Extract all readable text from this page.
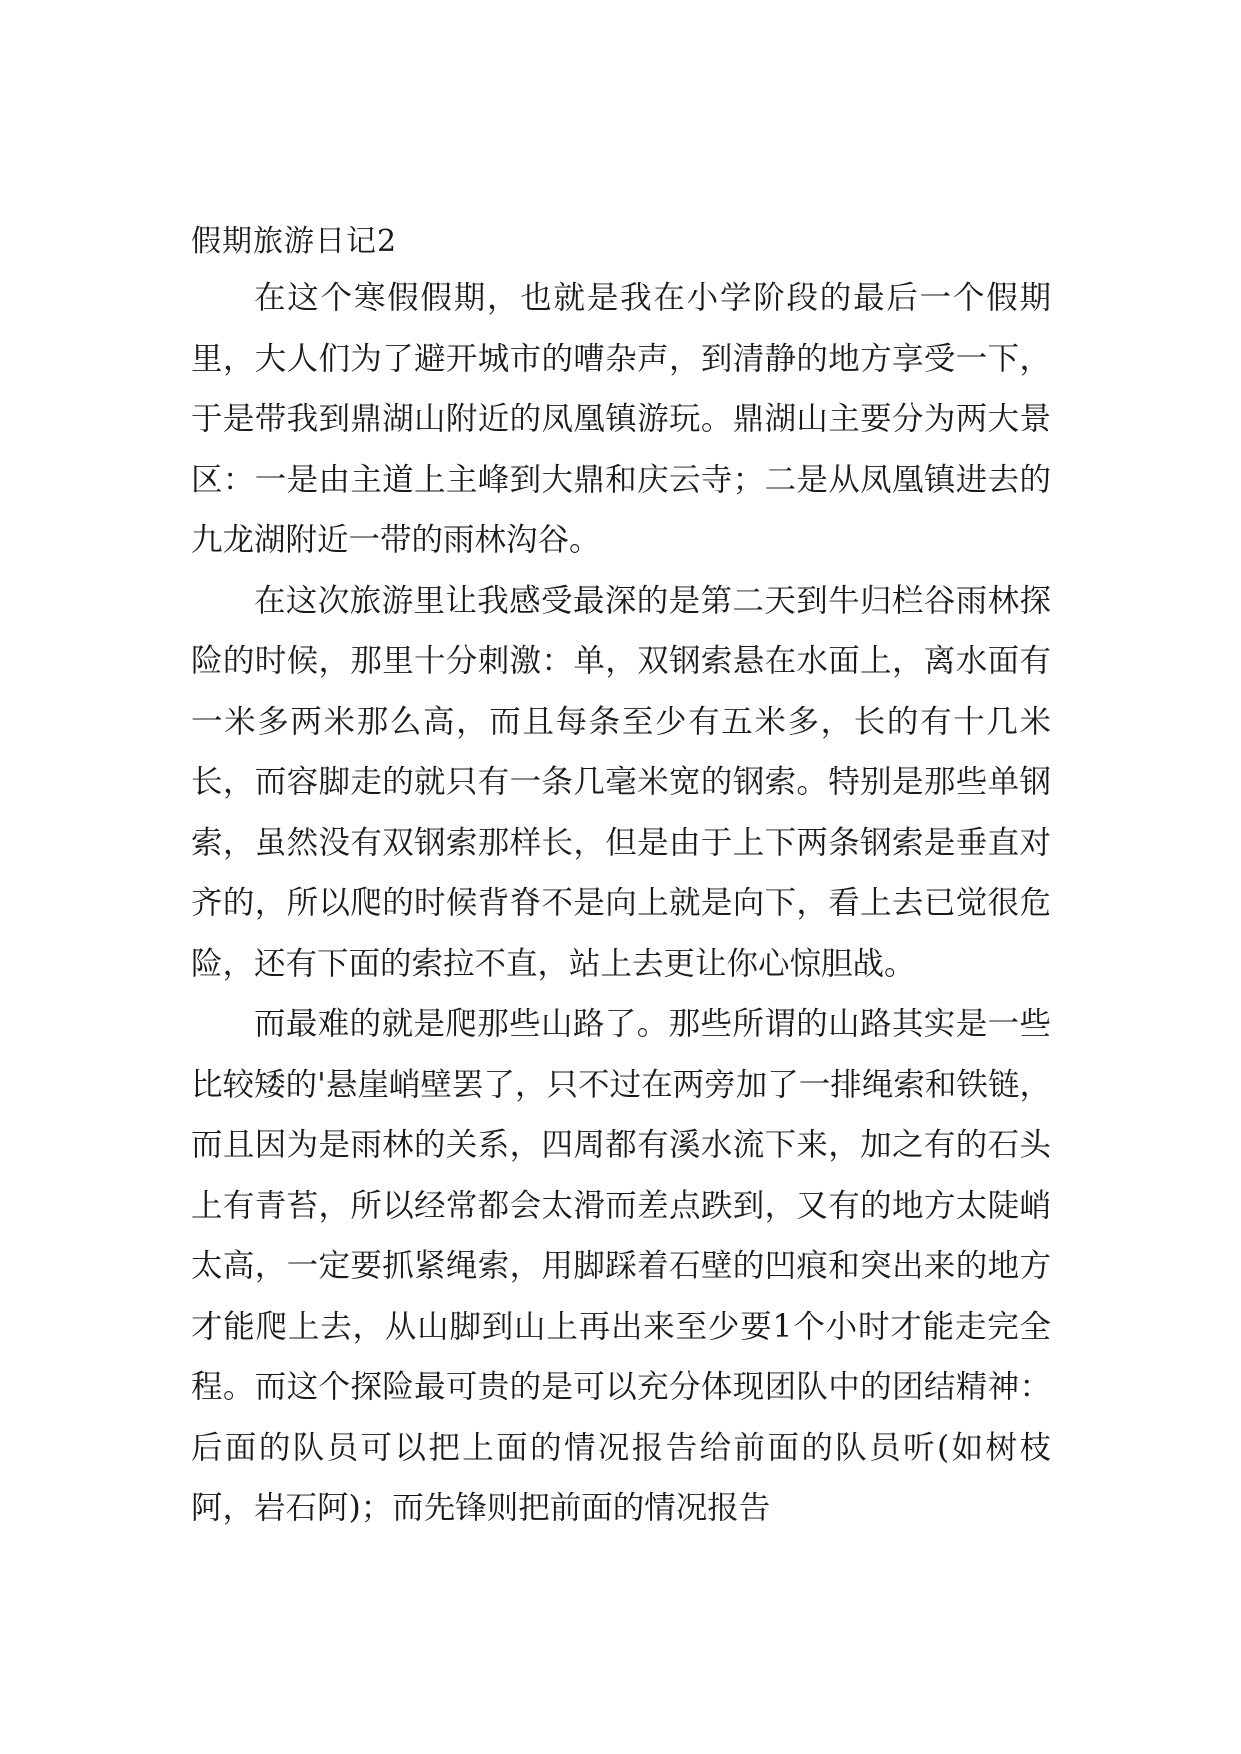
假期旅游日记2

在这个寒假假期，也就是我在小学阶段的最后一个假期里，大人们为了避开城市的嘈杂声，到清静的地方享受一下，于是带我到鼎湖山附近的凤凰镇游玩。鼎湖山主要分为两大景区：一是由主道上主峰到大鼎和庆云寺；二是从凤凰镇进去的九龙湖附近一带的雨林沟谷。

在这次旅游里让我感受最深的是第二天到牛归栏谷雨林探险的时候，那里十分刺激：单，双钢索悬在水面上，离水面有一米多两米那么高，而且每条至少有五米多，长的有十几米长，而容脚走的就只有一条几毫米宽的钢索。特别是那些单钢索，虽然没有双钢索那样长，但是由于上下两条钢索是垂直对齐的，所以爬的时候背脊不是向上就是向下，看上去已觉很危险，还有下面的索拉不直，站上去更让你心惊胆战。

而最难的就是爬那些山路了。那些所谓的山路其实是一些比较矮的'悬崖峭壁罢了，只不过在两旁加了一排绳索和铁链，而且因为是雨林的关系，四周都有溪水流下来，加之有的石头上有青苔，所以经常都会太滑而差点跌到，又有的地方太陡峭太高，一定要抓紧绳索，用脚踩着石壁的凹痕和突出来的地方才能爬上去，从山脚到山上再出来至少要1个小时才能走完全程。而这个探险最可贵的是可以充分体现团队中的团结精神：后面的队员可以把上面的情况报告给前面的队员听(如树枝阿，岩石阿)；而先锋则把前面的情况报告
